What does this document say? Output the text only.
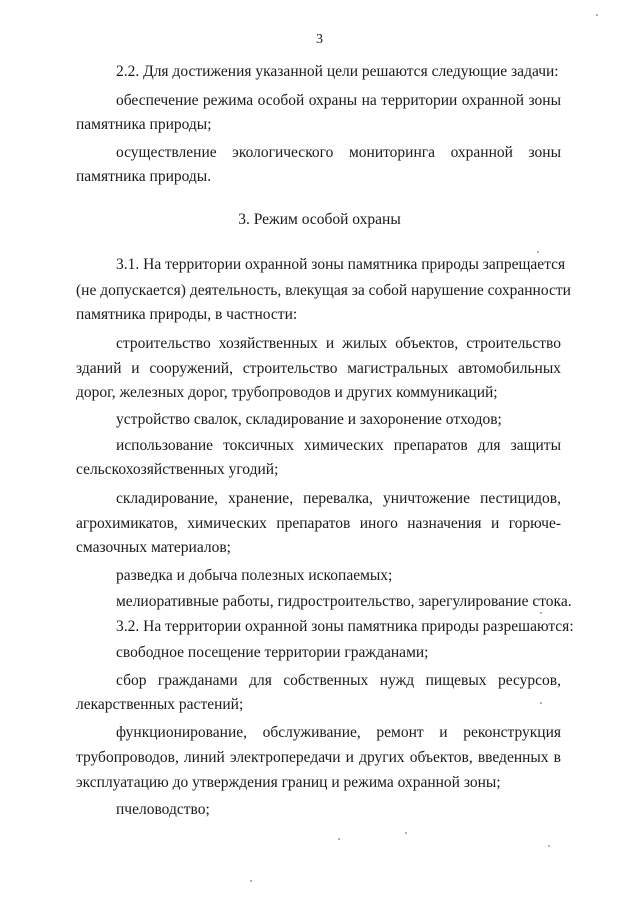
3
2.2. Для достижения указанной цели решаются следующие задачи:
обеспечение режима особой охраны на территории охранной зоны
памятника природы;
осуществление экологического мониторинга охранной зоны
памятника природы.
3. Режим особой охраны
3.1. На территории охранной зоны памятника природы запрещается
(не допускается) деятельность, влекущая за собой нарушение сохранности
памятника природы, в частности:
строительство хозяйственных и жилых объектов, строительство
зданий и сооружений, строительство магистральных автомобильных
дорог, железных дорог, трубопроводов и других коммуникаций;
устройство свалок, складирование и захоронение отходов;
использование токсичных химических препаратов для защиты
сельскохозяйственных угодий;
складирование, хранение, перевалка, уничтожение пестицидов,
агрохимикатов, химических препаратов иного назначения и горюче-
смазочных материалов;
разведка и добыча полезных ископаемых;
мелиоративные работы, гидростроительство, зарегулирование стока.
3.2. На территории охранной зоны памятника природы разрешаются:
свободное посещение территории гражданами;
сбор гражданами для собственных нужд пищевых ресурсов,
лекарственных растений;
функционирование, обслуживание, ремонт и реконструкция
трубопроводов, линий электропередачи и других объектов, введенных в
эксплуатацию до утверждения границ и режима охранной зоны;
пчеловодство;
